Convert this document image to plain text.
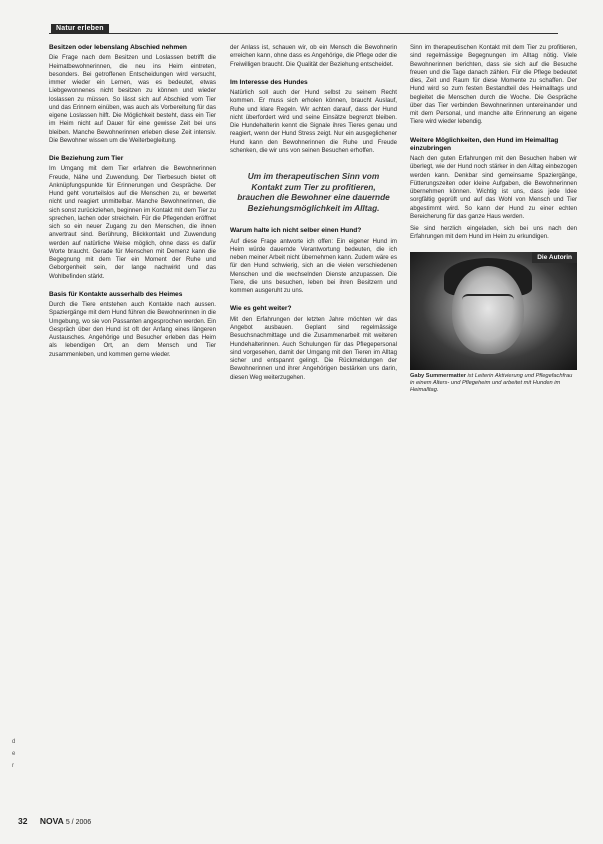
Natur erleben
Besitzen oder lebenslang Abschied nehmen

Die Frage nach dem Besitzen und Loslassen betrifft die Heimatbewohnerinnen, die neu ins Heim eintreten, besonders. Bei getroffenen Entscheidungen wird versucht, immer wieder ein Lernen, was es bedeutet, etwas Liebgewonnenes nicht besitzen zu können und wieder loslassen zu müssen. So lässt sich auf Abschied vom Tier und das Erinnern einüben, was auch als Vorbereitung für das eigene Loslassen hilft. Die Möglichkeit besteht, dass ein Tier im Heim nicht auf Dauer für eine gewisse Zeit bei uns bleiben. Manche Bewohnerinnen erleben diese Zeit intensiv. Die Bewohner wissen um die Weiterbegleitung.

Die Beziehung zum Tier

Im Umgang mit dem Tier erfahren die Bewohnerinnen Freude, Nähe und Zuwendung. Der Tierbesuch bietet oft Anknüpfungspunkte für Erinnerungen und Gespräche. Der Hund geht vorurteilslos auf die Menschen zu, er bewertet nicht und reagiert unmittelbar. Manche Bewohnerinnen, die sich sonst zurückziehen, beginnen im Kontakt mit dem Tier zu sprechen, lachen oder streicheln. Für die Pflegenden eröffnet sich so ein neuer Zugang zu den Menschen, die ihnen anvertraut sind. Berührung, Blickkontakt und Zuwendung werden auf natürliche Weise möglich, ohne dass es dafür Worte braucht. Gerade für Menschen mit Demenz kann die Begegnung mit dem Tier ein Moment der Ruhe und Geborgenheit sein, der lange nachwirkt und das Wohlbefinden stärkt.

Basis für Kontakte ausserhalb des Heimes

Durch die Tiere entstehen auch Kontakte nach aussen. Spaziergänge mit dem Hund führen die Bewohnerinnen in die Umgebung, wo sie von Passanten angesprochen werden. Ein Gespräch über den Hund ist oft der Anfang eines längeren Austausches. Angehörige und Besucher erleben das Heim als lebendigen Ort, an dem Mensch und Tier zusammenleben, und kommen gerne wieder.

der Anlass ist, schauen wir, ob ein Mensch die Bewohnerin erreichen kann, ohne dass es Angehörige, die Pflege oder die Freiwilligen braucht. Die Qualität der Beziehung entscheidet.

Im Interesse des Hundes

Natürlich soll auch der Hund selbst zu seinem Recht kommen. Er muss sich erholen können, braucht Auslauf, Ruhe und klare Regeln. Wir achten darauf, dass der Hund nicht überfordert wird und seine Einsätze begrenzt bleiben. Die Hundehalterin kennt die Signale ihres Tieres genau und reagiert, wenn der Hund Stress zeigt. Nur ein ausgeglichener Hund kann den Bewohnerinnen die Ruhe und Freude schenken, die wir uns von seinen Besuchen erhoffen.

Um im therapeutischen Sinn vom Kontakt zum Tier zu profitieren, brauchen die Bewohner eine dauernde Beziehungsmöglichkeit im Alltag.
Warum halte ich nicht selber einen Hund?

Auf diese Frage antworte ich offen: Ein eigener Hund im Heim würde dauernde Verantwortung bedeuten, die ich neben meiner Arbeit nicht übernehmen kann. Zudem wäre es für den Hund schwierig, sich an die vielen verschiedenen Menschen und die wechselnden Dienste anzupassen. Die Tiere, die uns besuchen, leben bei ihren Besitzern und kommen ausgeruht zu uns.

Wie es geht weiter?

Mit den Erfahrungen der letzten Jahre möchten wir das Angebot ausbauen. Geplant sind regelmässige Besuchsnachmittage und die Zusammenarbeit mit weiteren Hundehalterinnen. Auch Schulungen für das Pflegepersonal sind vorgesehen, damit der Umgang mit den Tieren im Alltag sicher und entspannt gelingt. Die Rückmeldungen der Bewohnerinnen und ihrer Angehörigen bestärken uns darin, diesen Weg weiterzugehen.

Sinn im therapeutischen Kontakt mit dem Tier zu profitieren, sind regelmässige Begegnungen im Alltag nötig. Viele Bewohnerinnen berichten, dass sie sich auf die Besuche freuen und die Tage danach zählen. Für die Pflege bedeutet dies, Zeit und Raum für diese Momente zu schaffen. Der Hund wird so zum festen Bestandteil des Heimalltags und begleitet die Menschen durch die Woche. Die Gespräche über das Tier verbinden Bewohnerinnen untereinander und mit dem Personal, und manche alte Erinnerung an eigene Tiere wird wieder lebendig.

Weitere Möglichkeiten, den Hund im Heimalltag einzubringen

Nach den guten Erfahrungen mit den Besuchen haben wir überlegt, wie der Hund noch stärker in den Alltag einbezogen werden kann. Denkbar sind gemeinsame Spaziergänge, Fütterungszeiten oder kleine Aufgaben, die Bewohnerinnen übernehmen können. Wichtig ist uns, dass jede Idee sorgfältig geprüft und auf das Wohl von Mensch und Tier abgestimmt wird. So kann der Hund zu einer echten Bereicherung für das ganze Haus werden.

Sie sind herzlich eingeladen, sich bei uns nach den Erfahrungen mit dem Hund im Heim zu erkundigen.

Die Autorin
Gaby Summermatter ist Leiterin Aktivierung und Pflegefachfrau in einem Alters- und Pflegeheim und arbeitet mit Hunden im Heimalltag.
d
e
r
32 NOVA 5 / 2006
